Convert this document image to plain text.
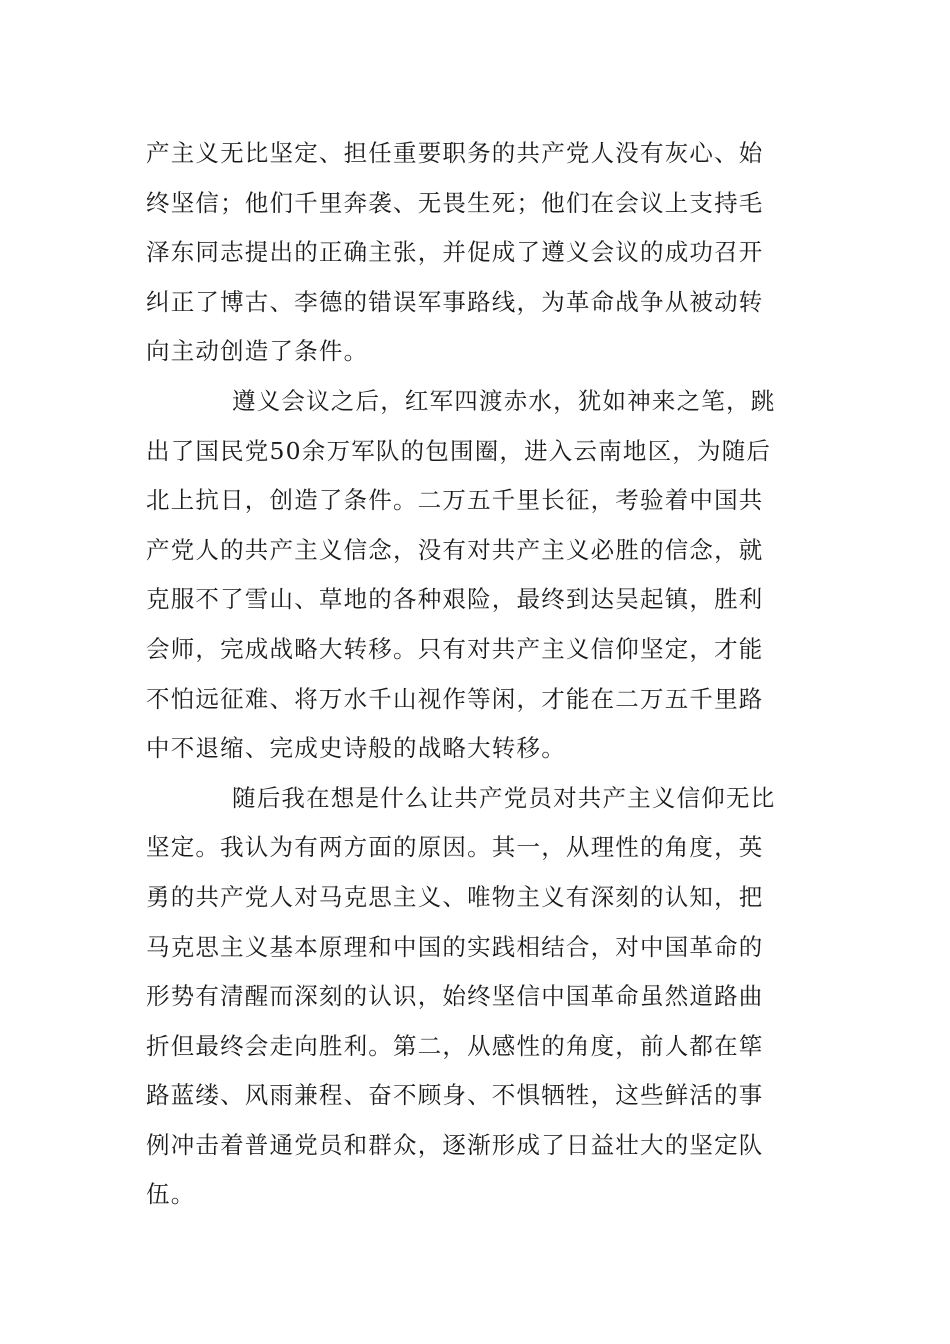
产主义无比坚定、担任重要职务的共产党人没有灰心、始
终坚信；他们千里奔袭、无畏生死；他们在会议上支持毛
泽东同志提出的正确主张，并促成了遵义会议的成功召开
纠正了博古、李德的错误军事路线，为革命战争从被动转
向主动创造了条件。

遵义会议之后，红军四渡赤水，犹如神来之笔，跳
出了国民党50余万军队的包围圈，进入云南地区，为随后
北上抗日，创造了条件。二万五千里长征，考验着中国共
产党人的共产主义信念，没有对共产主义必胜的信念，就
克服不了雪山、草地的各种艰险，最终到达吴起镇，胜利
会师，完成战略大转移。只有对共产主义信仰坚定，才能
不怕远征难、将万水千山视作等闲，才能在二万五千里路
中不退缩、完成史诗般的战略大转移。

随后我在想是什么让共产党员对共产主义信仰无比
坚定。我认为有两方面的原因。其一，从理性的角度，英
勇的共产党人对马克思主义、唯物主义有深刻的认知，把
马克思主义基本原理和中国的实践相结合，对中国革命的
形势有清醒而深刻的认识，始终坚信中国革命虽然道路曲
折但最终会走向胜利。第二，从感性的角度，前人都在筚
路蓝缕、风雨兼程、奋不顾身、不惧牺牲，这些鲜活的事
例冲击着普通党员和群众，逐渐形成了日益壮大的坚定队
伍。
